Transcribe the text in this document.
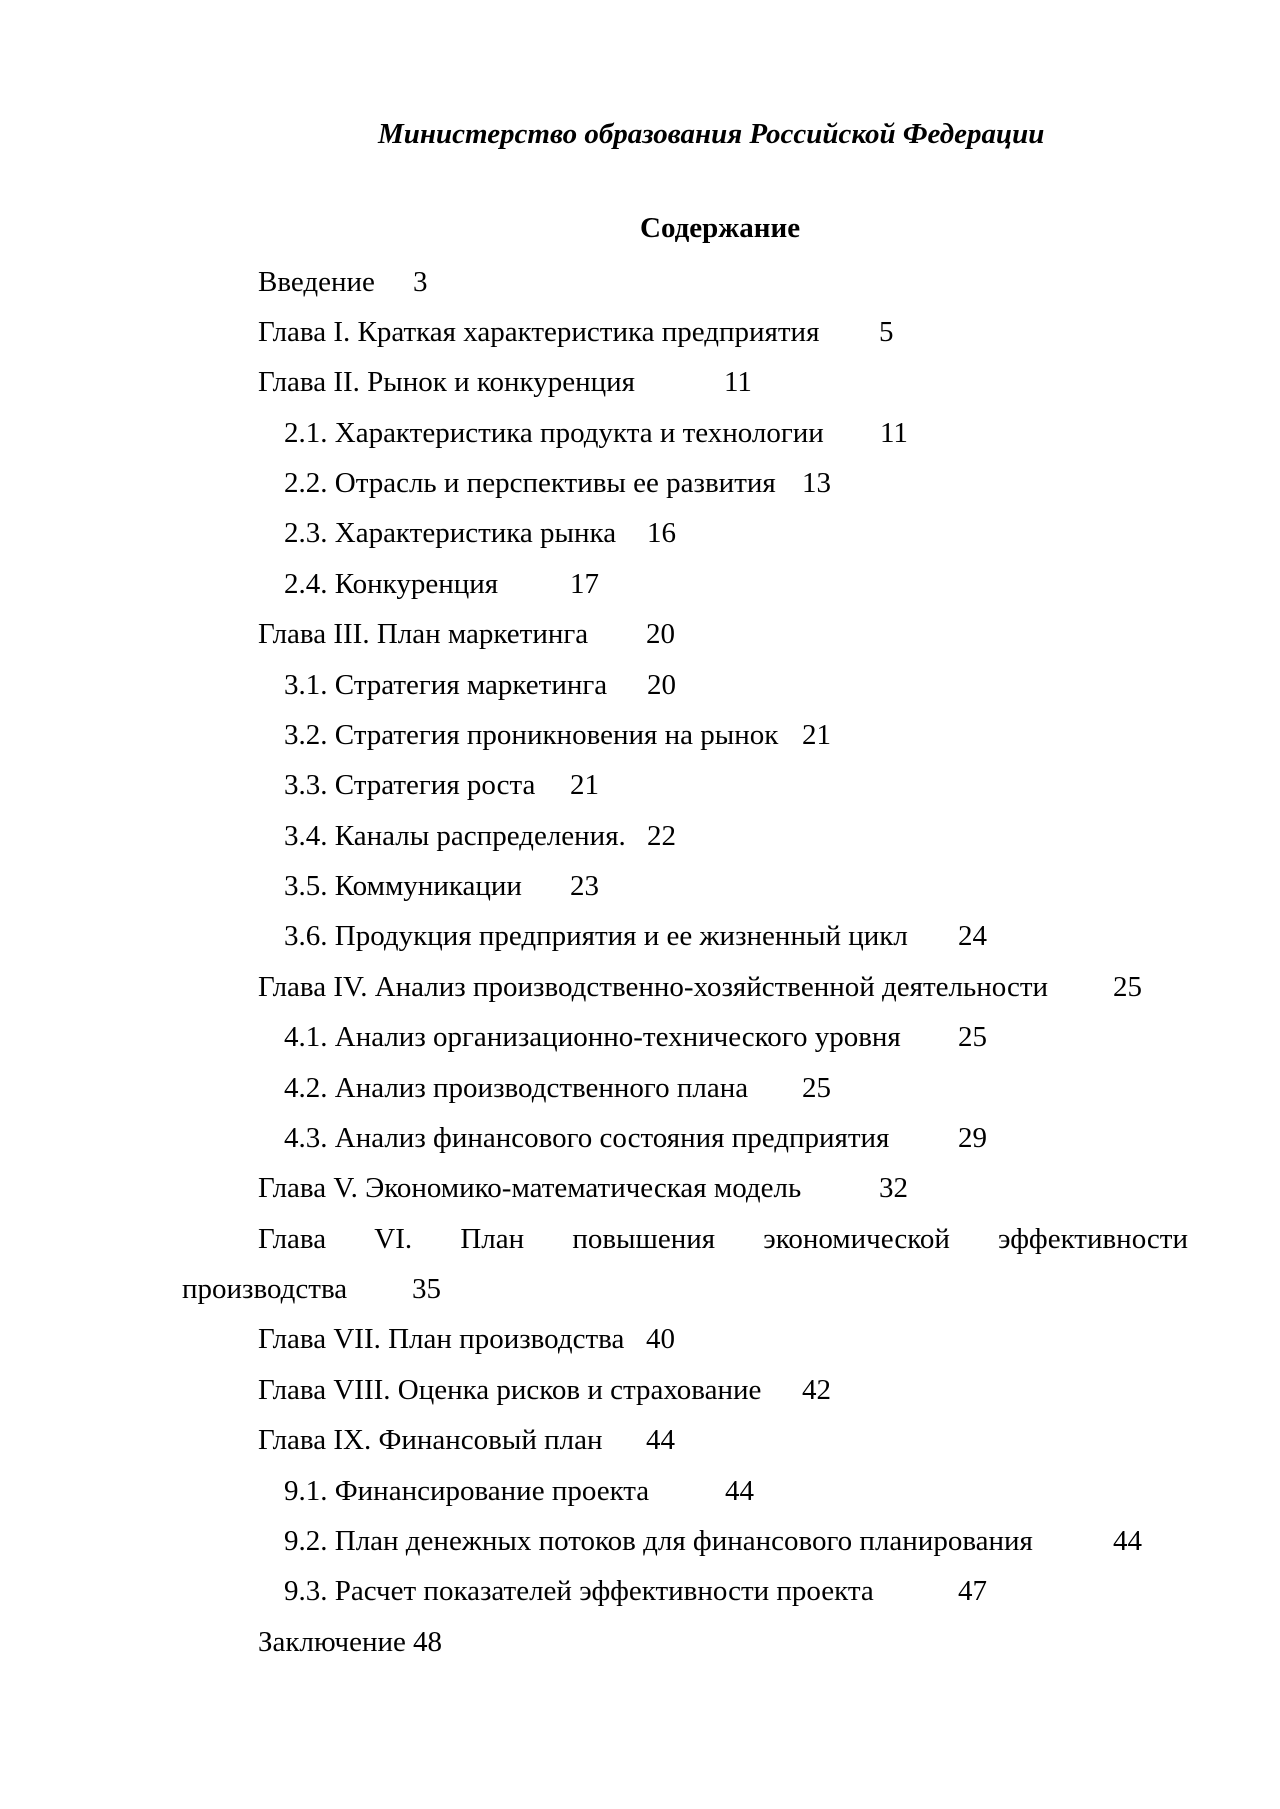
Министерство образования Российской Федерации
Содержание
Введение 3
Глава I. Краткая характеристика предприятия 5
Глава II. Рынок и конкуренция	11
2.1. Характеристика продукта и технологии 11
2.2. Отрасль и перспективы ее развития 13
2.3. Характеристика рынка 16
2.4. Конкуренция 17
Глава III. План маркетинга 20
3.1. Стратегия маркетинга 20
3.2. Стратегия проникновения на рынок 21
3.3. Стратегия роста 21
3.4. Каналы распределения. 22
3.5. Коммуникации 23
3.6. Продукция предприятия и ее жизненный цикл 24
Глава IV. Анализ производственно-хозяйственной деятельности 25
4.1. Анализ организационно-технического уровня 25
4.2. Анализ производственного плана 25
4.3. Анализ финансового состояния предприятия 29
Глава V. Экономико-математическая модель	32
Глава VI. План повышения экономической эффективности
производства 35
Глава VII. План производства 40
Глава VIII. Оценка рисков и страхование 42
Глава IX. Финансовый план 44
9.1. Финансирование проекта	44
9.2. План денежных потоков для финансового планирования	44
9.3. Расчет показателей эффективности проекта	47
Заключение 48
